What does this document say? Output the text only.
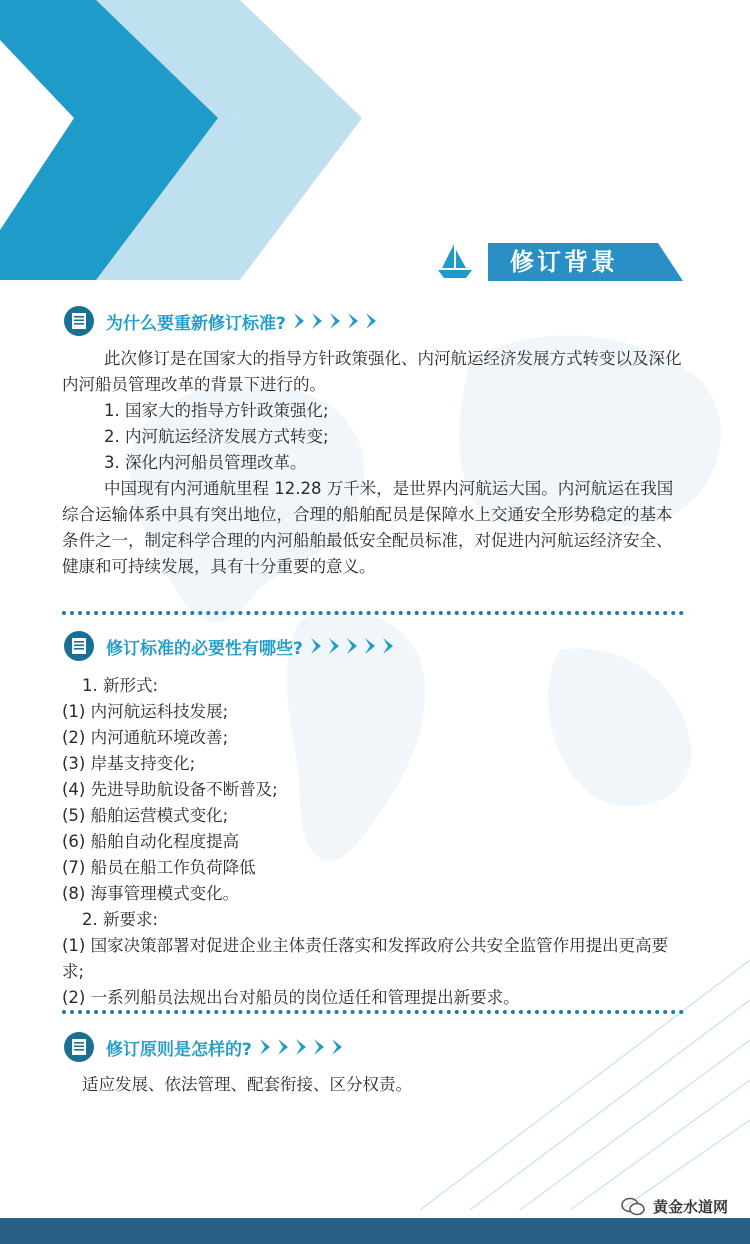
修订背景
为什么要重新修订标准?

此次修订是在国家大的指导方针政策强化、内河航运经济发展方式转变以及深化内河船员管理改革的背景下进行的。

1. 国家大的指导方针政策强化;

2. 内河航运经济发展方式转变;

3. 深化内河船员管理改革。

中国现有内河通航里程 12.28 万千米，是世界内河航运大国。内河航运在我国综合运输体系中具有突出地位，合理的船舶配员是保障水上交通安全形势稳定的基本条件之一，制定科学合理的内河船舶最低安全配员标准，对促进内河航运经济安全、健康和可持续发展，具有十分重要的意义。

修订标准的必要性有哪些?

1. 新形式:

(1) 内河航运科技发展;

(2) 内河通航环境改善;

(3) 岸基支持变化;

(4) 先进导助航设备不断普及;

(5) 船舶运营模式变化;

(6) 船舶自动化程度提高

(7) 船员在船工作负荷降低

(8) 海事管理模式变化。

2. 新要求:

(1) 国家决策部署对促进企业主体责任落实和发挥政府公共安全监管作用提出更高要求;

(2) 一系列船员法规出台对船员的岗位适任和管理提出新要求。

修订原则是怎样的?

适应发展、依法管理、配套衔接、区分权责。

黄金水道网
